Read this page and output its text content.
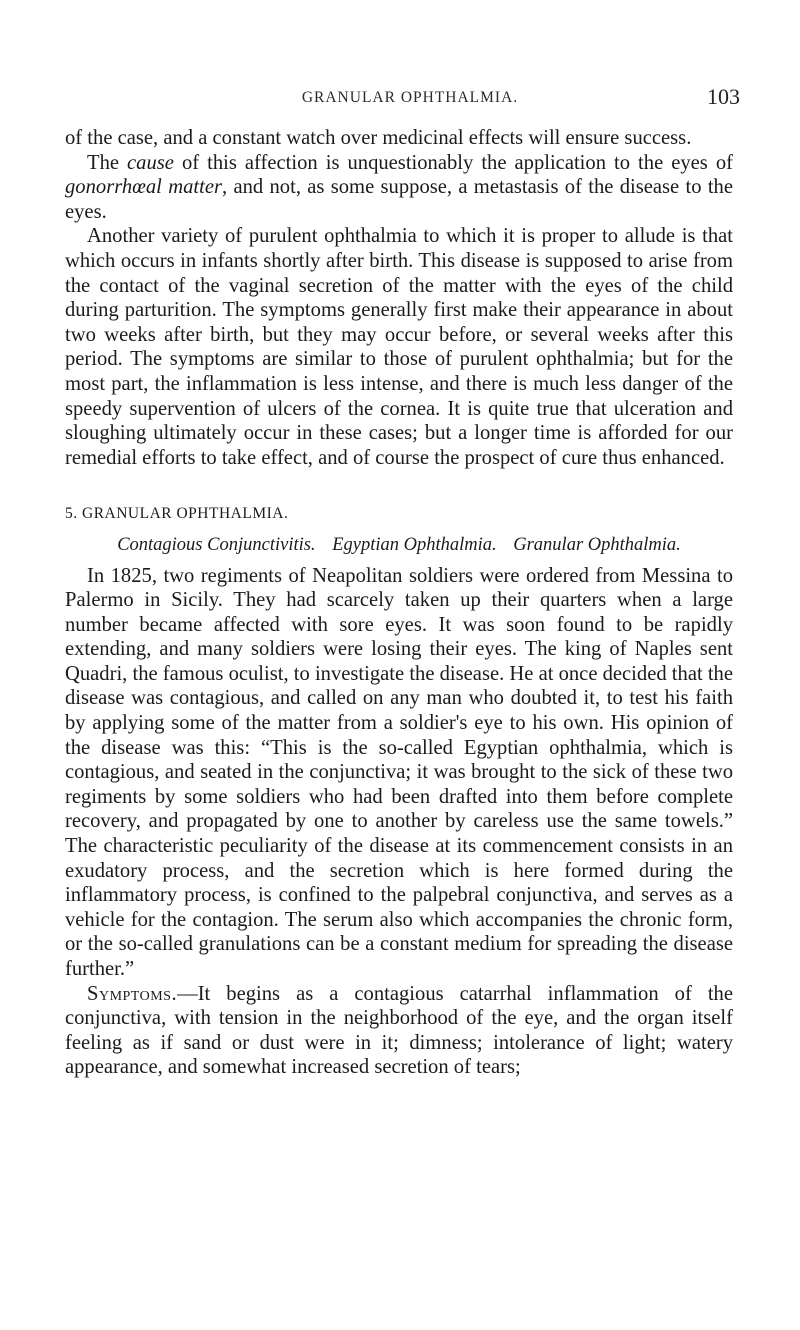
GRANULAR OPHTHALMIA.	103

of the case, and a constant watch over medicinal effects will ensure success.

The cause of this affection is unquestionably the application to the eyes of gonorrhœal matter, and not, as some suppose, a metastasis of the disease to the eyes.

Another variety of purulent ophthalmia to which it is proper to allude is that which occurs in infants shortly after birth. This disease is supposed to arise from the contact of the vaginal secretion of the matter with the eyes of the child during parturition. The symptoms generally first make their appearance in about two weeks after birth, but they may occur before, or several weeks after this period. The symptoms are similar to those of purulent ophthalmia; but for the most part, the inflammation is less intense, and there is much less danger of the speedy supervention of ulcers of the cornea. It is quite true that ulceration and sloughing ultimately occur in these cases; but a longer time is afforded for our remedial efforts to take effect, and of course the prospect of cure thus enhanced.

5. GRANULAR OPHTHALMIA.

Contagious Conjunctivitis. Egyptian Ophthalmia. Granular Ophthalmia.

In 1825, two regiments of Neapolitan soldiers were ordered from Messina to Palermo in Sicily. They had scarcely taken up their quarters when a large number became affected with sore eyes. It was soon found to be rapidly extending, and many soldiers were losing their eyes. The king of Naples sent Quadri, the famous oculist, to investigate the disease. He at once decided that the disease was contagious, and called on any man who doubted it, to test his faith by applying some of the matter from a soldier's eye to his own. His opinion of the disease was this: “This is the so-called Egyptian ophthalmia, which is contagious, and seated in the conjunctiva; it was brought to the sick of these two regiments by some soldiers who had been drafted into them before complete recovery, and propagated by one to another by careless use the same towels.” The characteristic peculiarity of the disease at its commencement consists in an exudatory process, and the secretion which is here formed during the inflammatory process, is confined to the palpebral conjunctiva, and serves as a vehicle for the contagion. The serum also which accompanies the chronic form, or the so-called granulations can be a constant medium for spreading the disease further.”

Symptoms.—It begins as a contagious catarrhal inflammation of the conjunctiva, with tension in the neighborhood of the eye, and the organ itself feeling as if sand or dust were in it; dimness; intolerance of light; watery appearance, and somewhat increased secretion of tears;
